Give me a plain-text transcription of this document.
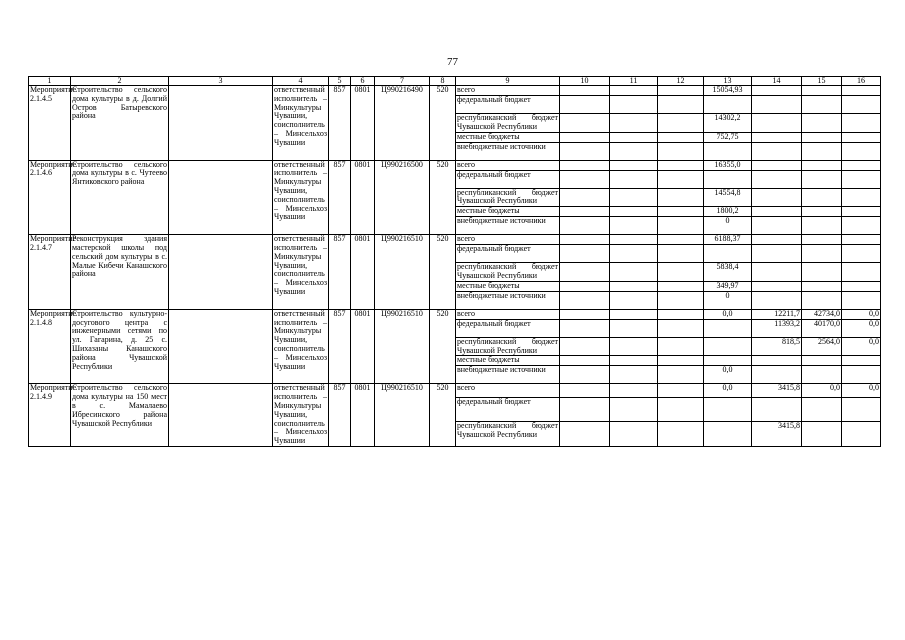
77
1	2	3	4	5	6	7	8	9	10	11	12	13	14	15	16
Мероприятие 2.1.4.5	Строительство сельского дома культуры в д. Долгий Остров Батыревского района		ответственный исполнитель – Минкультуры Чувашии, соисполнитель – Минсельхоз Чувашии	857	0801	Ц990216490	520	всего				15054,93			
								федеральный бюджет							
								республиканский бюджет Чувашской Республики				14302,2			
								местные бюджеты				752,75			
								внебюджетные источники							
Мероприятие 2.1.4.6	Строительство сельского дома культуры в с. Чутеево Янтиковского района		ответственный исполнитель – Минкультуры Чувашии, соисполнитель – Минсельхоз Чувашии	857	0801	Ц990216500	520	всего				16355,0			
								федеральный бюджет							
								республиканский бюджет Чувашской Республики				14554,8			
								местные бюджеты				1800,2			
								внебюджетные источники				0			
Мероприятие 2.1.4.7	Реконструкция здания мастерской школы под сельский дом культуры в с. Малые Кибечи Канашского района		ответственный исполнитель – Минкультуры Чувашии, соисполнитель – Минсельхоз Чувашии	857	0801	Ц990216510	520	всего				6188,37			
								федеральный бюджет							
								республиканский бюджет Чувашской Республики				5838,4			
								местные бюджеты				349,97			
								внебюджетные источники				0			
Мероприятие 2.1.4.8	Строительство культурно-досугового центра с инженерными сетями по ул. Гагарина, д. 25 с. Шихазаны Канашского района Чувашской Республики		ответственный исполнитель – Минкультуры Чувашии, соисполнитель – Минсельхоз Чувашии	857	0801	Ц990216510	520	всего				0,0	12211,7	42734,0	0,0
								федеральный бюджет					11393,2	40170,0	0,0
								республиканский бюджет Чувашской Республики					818,5	2564,0	0,0
								местные бюджеты							
								внебюджетные источники				0,0			
Мероприятие 2.1.4.9	Строительство сельского дома культуры на 150 мест в с. Мамалаево Ибресинского района Чувашской Республики		ответственный исполнитель – Минкультуры Чувашии, соисполнитель – Минсельхоз Чувашии	857	0801	Ц990216510	520	всего				0,0	3415,8	0,0	0,0
								федеральный бюджет							
								республиканский бюджет Чувашской Республики					3415,8		
